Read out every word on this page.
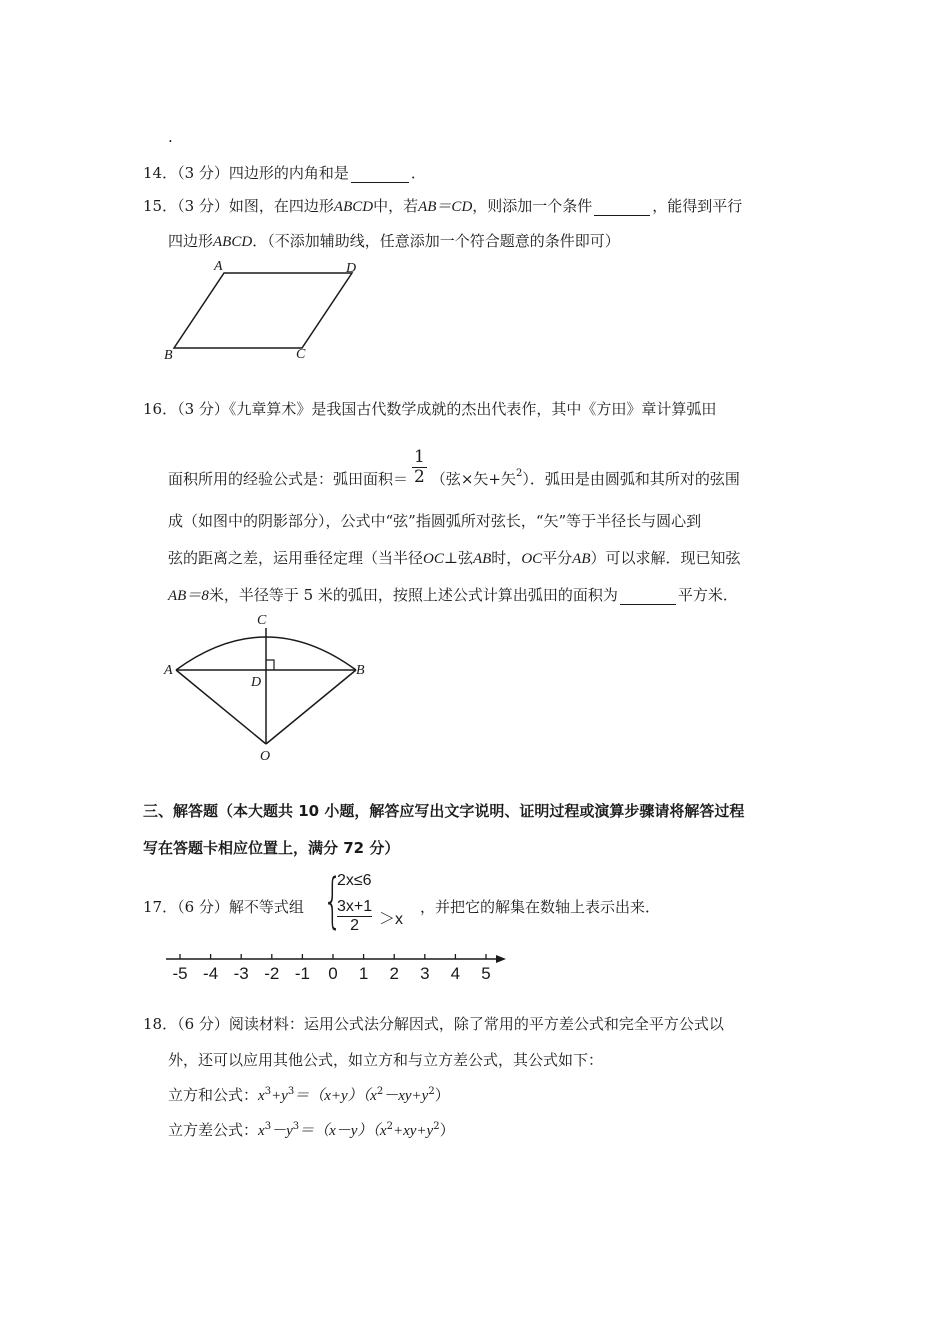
.
14．（3 分）四边形的内角和是	．
15．（3 分）如图，在四边形ABCD中，若AB＝CD，则添加一个条件	，能得到平行
四边形ABCD．（不添加辅助线，任意添加一个符合题意的条件即可）
A	D
B	C
16．（3 分）《九章算术》是我国古代数学成就的杰出代表作，其中《方田》章计算弧田
面积所用的经验公式是：弧田面积＝ $\frac{1}{2}$ （弦×矢+矢$^2$）．弧田是由圆弧和其所对的弦围
成（如图中的阴影部分），公式中“弦”指圆弧所对弦长，“矢”等于半径长与圆心到
弦的距离之差，运用垂径定理（当半径OC⊥弦AB时，OC平分AB）可以求解．现已知弦
AB＝8米，半径等于 5 米的弧田，按照上述公式计算出弧田的面积为	平方米．
C
A	B
D
O
三、解答题（本大题共 10 小题，解答应写出文字说明、证明过程或演算步骤请将解答过程
写在答题卡相应位置上，满分 72 分）
17．（6 分）解不等式组 {
2x≤6
3x+1
2	＞x
，并把它的解集在数轴上表示出来．
-5 -4 -3 -2 -1 0 1 2 3 4 5
18．（6 分）阅读材料：运用公式法分解因式，除了常用的平方差公式和完全平方公式以
外，还可以应用其他公式，如立方和与立方差公式，其公式如下：
立方和公式：$x^3+y^3=(x+y)(x^2-xy+y^2)$
立方差公式：$x^3-y^3=(x-y)(x^2+xy+y^2)$
